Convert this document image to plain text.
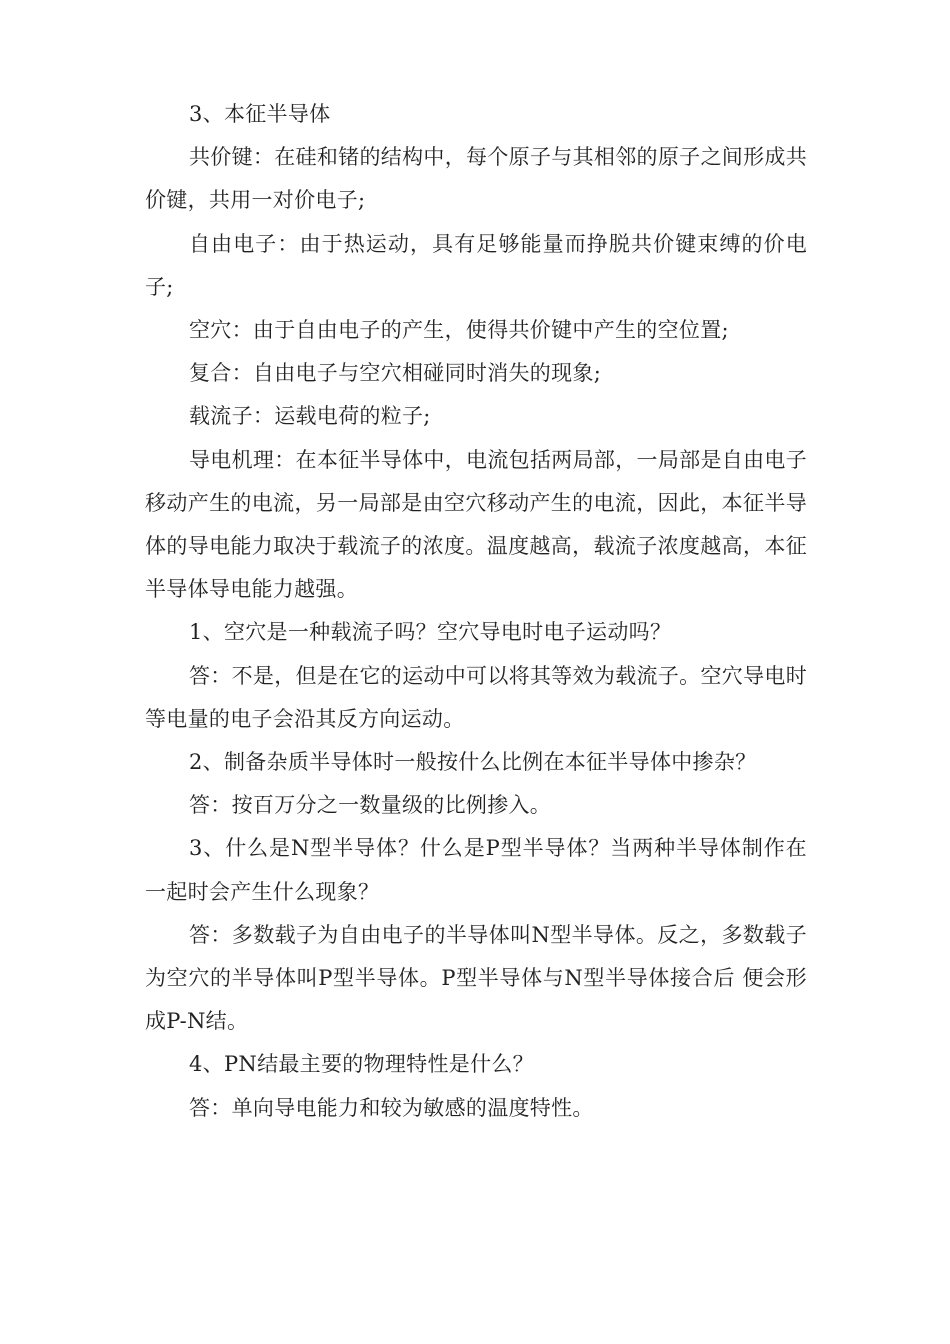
3、本征半导体

共价键：在硅和锗的结构中，每个原子与其相邻的原子之间形成共价键，共用一对价电子;

自由电子：由于热运动，具有足够能量而挣脱共价键束缚的价电子;

空穴：由于自由电子的产生，使得共价键中产生的空位置;

复合：自由电子与空穴相碰同时消失的现象;

载流子：运载电荷的粒子;

导电机理：在本征半导体中，电流包括两局部，一局部是自由电子移动产生的电流，另一局部是由空穴移动产生的电流，因此，本征半导体的导电能力取决于载流子的浓度。温度越高，载流子浓度越高，本征半导体导电能力越强。

1、空穴是一种载流子吗？空穴导电时电子运动吗？

答：不是，但是在它的运动中可以将其等效为载流子。空穴导电时等电量的电子会沿其反方向运动。

2、制备杂质半导体时一般按什么比例在本征半导体中掺杂？

答：按百万分之一数量级的比例掺入。

3、什么是N型半导体？什么是P型半导体？当两种半导体制作在一起时会产生什么现象？

答：多数载子为自由电子的半导体叫N型半导体。反之，多数载子为空穴的半导体叫P型半导体。P型半导体与N型半导体接合后 便会形成P-N结。

4、PN结最主要的物理特性是什么？

答：单向导电能力和较为敏感的温度特性。
